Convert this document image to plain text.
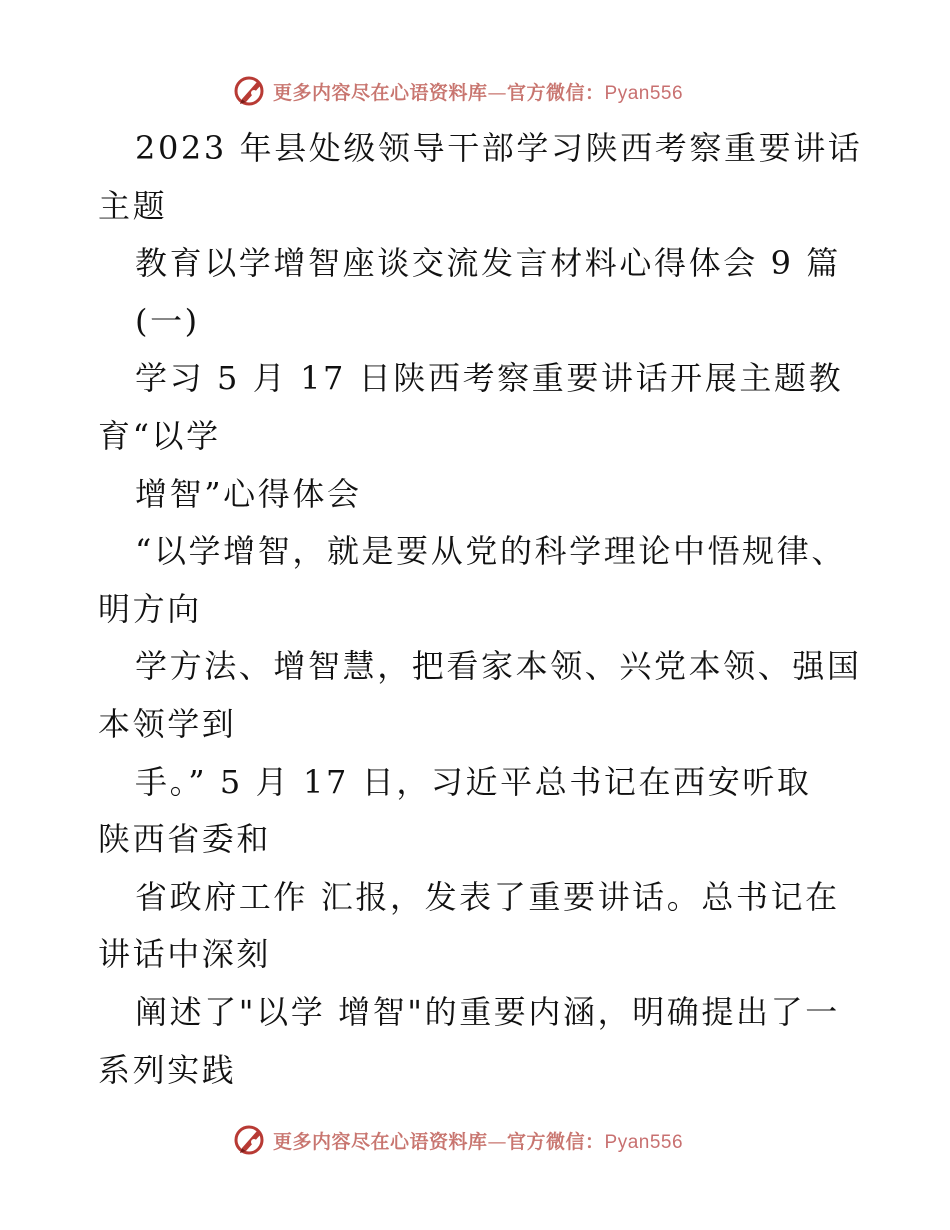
更多内容尽在心语资料库—官方微信：Pyan556
2023 年县处级领导干部学习陕西考察重要讲话
主题
教育以学增智座谈交流发言材料心得体会 9 篇
(一)
学习 5 月 17 日陕西考察重要讲话开展主题教
育“以学
增智”心得体会
“以学增智，就是要从党的科学理论中悟规律、
明方向
学方法、增智慧，把看家本领、兴党本领、强国
本领学到
手。” 5 月 17 日，习近平总书记在西安听取
陕西省委和
省政府工作 汇报，发表了重要讲话。总书记在
讲话中深刻
阐述了"以学 增智"的重要内涵，明确提出了一
系列实践
更多内容尽在心语资料库—官方微信：Pyan556
